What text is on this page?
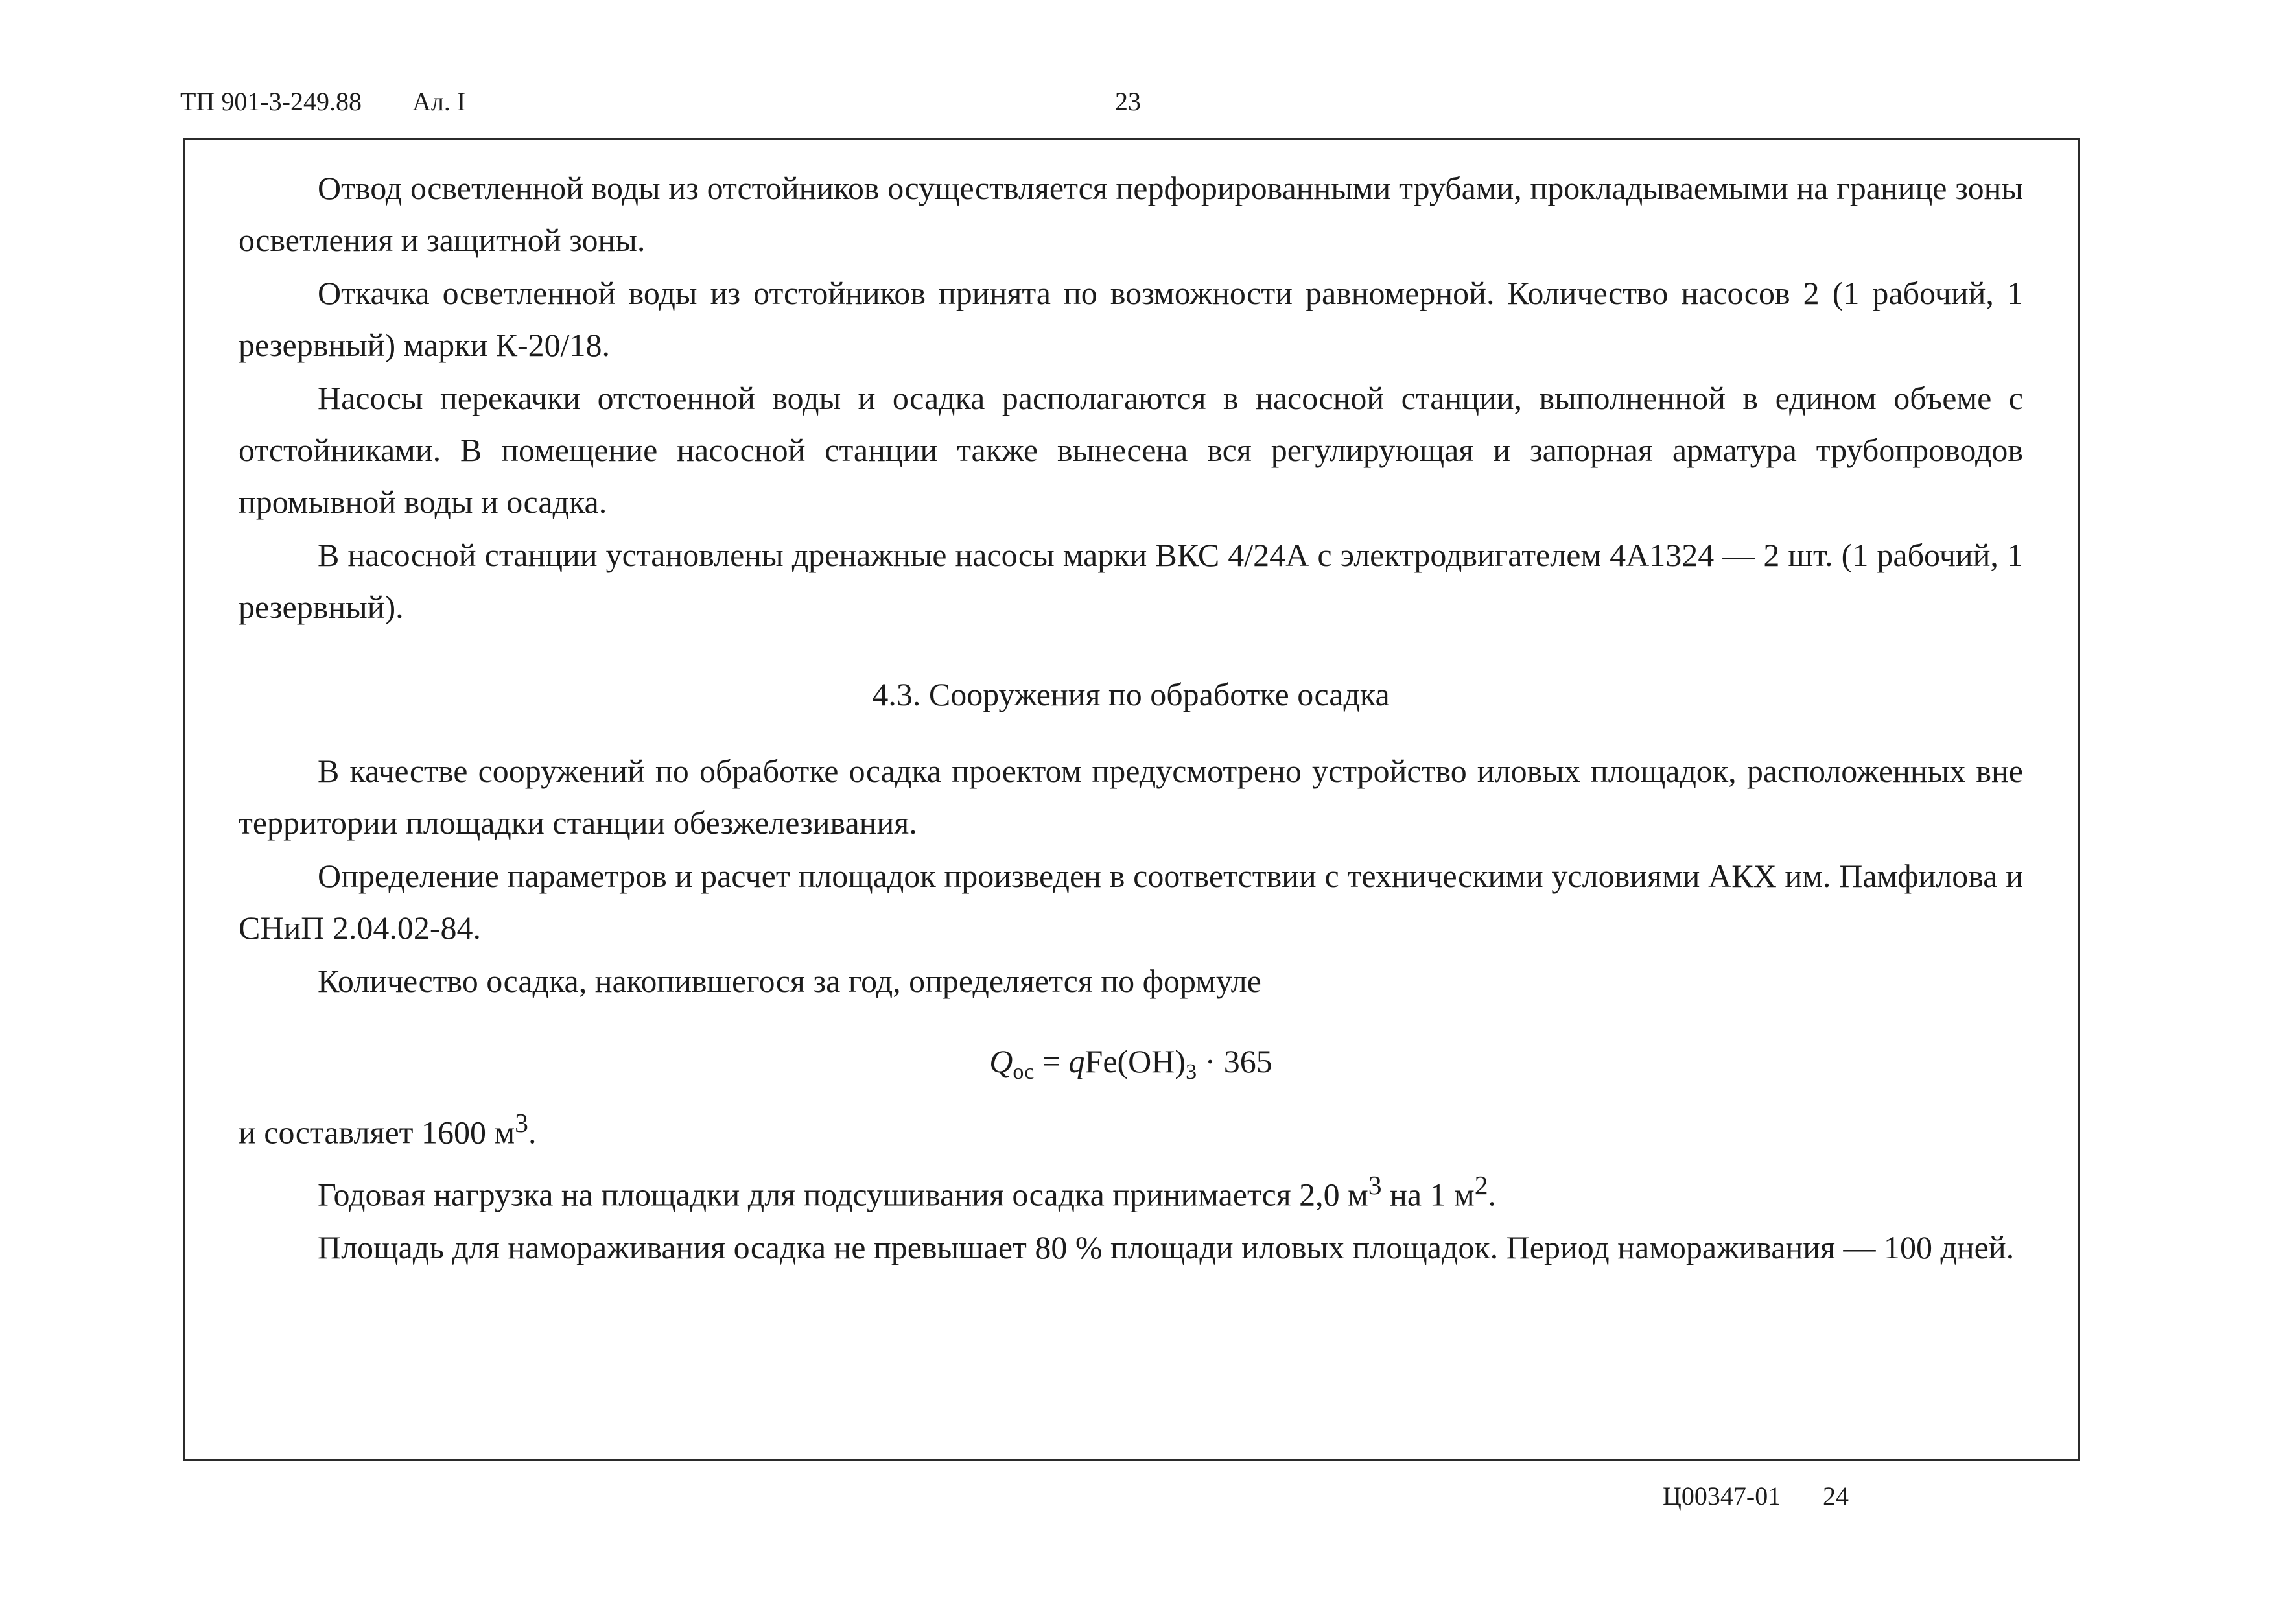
ТП 901-3-249.88 Ал. I	23

Отвод осветленной воды из отстойников осуществляется перфорированными трубами, прокладываемыми на границе зоны осветления и защитной зоны.

Откачка осветленной воды из отстойников принята по возможности равномерной. Количество насосов 2 (1 рабочий, 1 резервный) марки К-20/18.

Насосы перекачки отстоенной воды и осадка располагаются в насосной станции, выполненной в едином объеме с отстойниками. В помещение насосной станции также вынесена вся регулирующая и запорная арматура трубопроводов промывной воды и осадка.

В насосной станции установлены дренажные насосы марки ВКС 4/24А с электродвигателем 4А1324 — 2 шт. (1 рабочий, 1 резервный).

4.3. Сооружения по обработке осадка

В качестве сооружений по обработке осадка проектом предусмотрено устройство иловых площадок, расположенных вне территории площадки станции обезжелезивания.

Определение параметров и расчет площадок произведен в соответствии с техническими условиями АКХ им. Памфилова и СНиП 2.04.02-84.

Количество осадка, накопившегося за год, определяется по формуле

$Q_{ос} = qFe(OH)_3 \cdot 365$

и составляет 1600 $м^3$.

Годовая нагрузка на площадки для подсушивания осадка принимается 2,0 $м^3$ на 1 $м^2$.

Площадь для намораживания осадка не превышает 80 % площади иловых площадок. Период намораживания — 100 дней.

Ц00347-01 24
